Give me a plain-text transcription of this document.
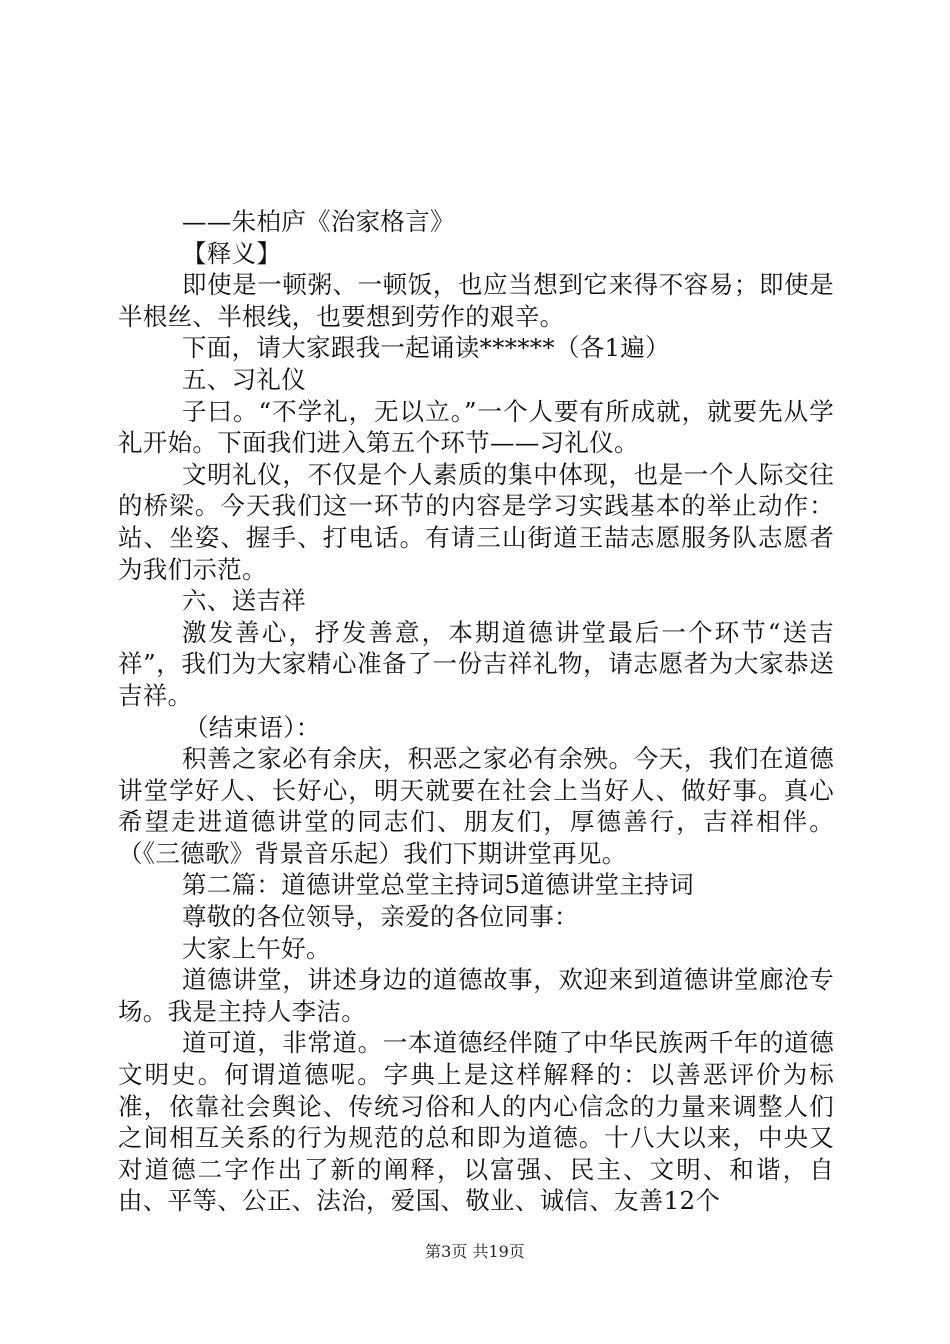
——朱柏庐《治家格言》

【释义】

即使是一顿粥、一顿饭，也应当想到它来得不容易；即使是半根丝、半根线，也要想到劳作的艰辛。

下面，请大家跟我一起诵读******（各1遍）

五、习礼仪

子曰。“不学礼，无以立。”一个人要有所成就，就要先从学礼开始。下面我们进入第五个环节——习礼仪。

文明礼仪，不仅是个人素质的集中体现，也是一个人际交往的桥梁。今天我们这一环节的内容是学习实践基本的举止动作：站、坐姿、握手、打电话。有请三山街道王喆志愿服务队志愿者为我们示范。

六、送吉祥

激发善心，抒发善意，本期道德讲堂最后一个环节“送吉祥”，我们为大家精心准备了一份吉祥礼物，请志愿者为大家恭送吉祥。

（结束语）：

积善之家必有余庆，积恶之家必有余殃。今天，我们在道德讲堂学好人、长好心，明天就要在社会上当好人、做好事。真心希望走进道德讲堂的同志们、朋友们，厚德善行，吉祥相伴。（《三德歌》背景音乐起）我们下期讲堂再见。

第二篇：道德讲堂总堂主持词5道德讲堂主持词

尊敬的各位领导，亲爱的各位同事：

大家上午好。

道德讲堂，讲述身边的道德故事，欢迎来到道德讲堂廊沧专场。我是主持人李洁。

道可道，非常道。一本道德经伴随了中华民族两千年的道德文明史。何谓道德呢。字典上是这样解释的：以善恶评价为标准，依靠社会舆论、传统习俗和人的内心信念的力量来调整人们之间相互关系的行为规范的总和即为道德。十八大以来，中央又对道德二字作出了新的阐释，以富强、民主、文明、和谐，自由、平等、公正、法治，爱国、敬业、诚信、友善12个

第3页 共19页
